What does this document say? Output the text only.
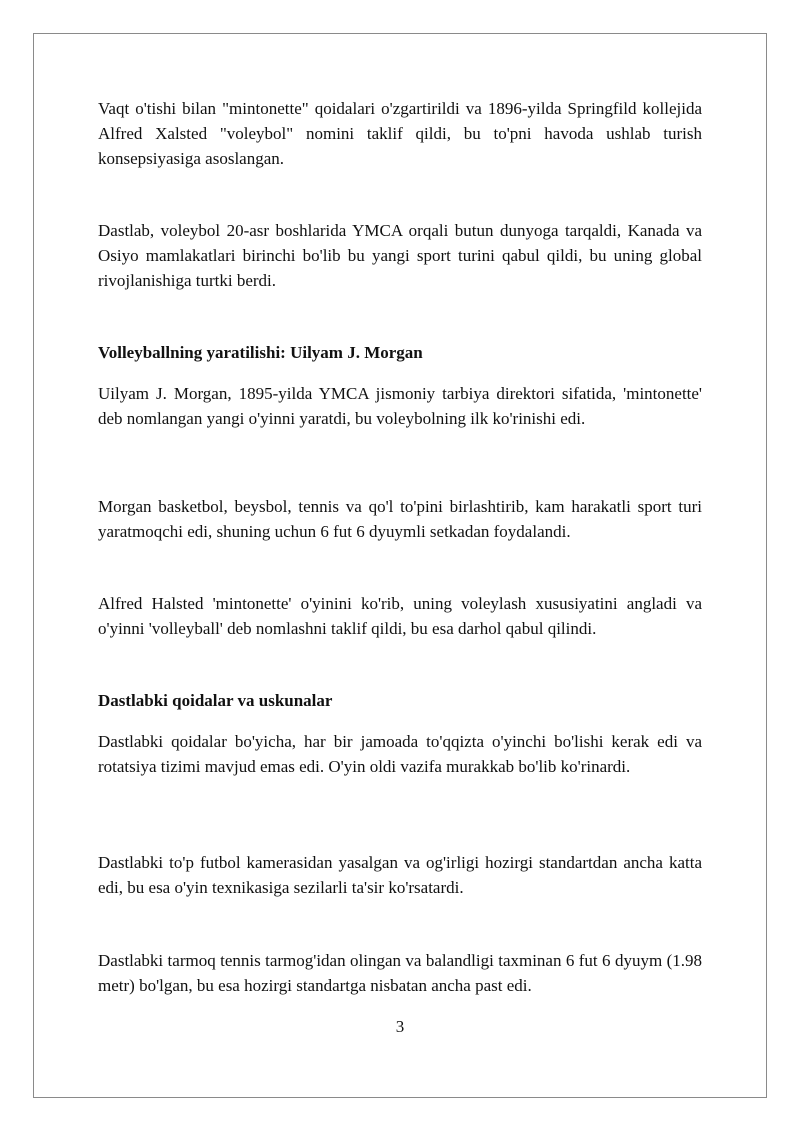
Vaqt o'tishi bilan "mintonette" qoidalari o'zgartirildi va 1896-yilda Springfild kollejida Alfred Xalsted "voleybol" nomini taklif qildi, bu to'pni havoda ushlab turish konsepsiyasiga asoslangan.

Dastlab, voleybol 20-asr boshlarida YMCA orqali butun dunyoga tarqaldi, Kanada va Osiyo mamlakatlari birinchi bo'lib bu yangi sport turini qabul qildi, bu uning global rivojlanishiga turtki berdi.

Volleyballning yaratilishi: Uilyam J. Morgan

Uilyam J. Morgan, 1895-yilda YMCA jismoniy tarbiya direktori sifatida, 'mintonette' deb nomlangan yangi o'yinni yaratdi, bu voleybolning ilk ko'rinishi edi.

Morgan basketbol, beysbol, tennis va qo'l to'pini birlashtirib, kam harakatli sport turi yaratmoqchi edi, shuning uchun 6 fut 6 dyuymli setkadan foydalandi.

Alfred Halsted 'mintonette' o'yinini ko'rib, uning voleylash xususiyatini angladi va o'yinni 'volleyball' deb nomlashni taklif qildi, bu esa darhol qabul qilindi.

Dastlabki qoidalar va uskunalar

Dastlabki qoidalar bo'yicha, har bir jamoada to'qqizta o'yinchi bo'lishi kerak edi va rotatsiya tizimi mavjud emas edi. O'yin oldi vazifa murakkab bo'lib ko'rinardi.

Dastlabki to'p futbol kamerasidan yasalgan va og'irligi hozirgi standartdan ancha katta edi, bu esa o'yin texnikasiga sezilarli ta'sir ko'rsatardi.

Dastlabki tarmoq tennis tarmog'idan olingan va balandligi taxminan 6 fut 6 dyuym (1.98 metr) bo'lgan, bu esa hozirgi standartga nisbatan ancha past edi.

3
